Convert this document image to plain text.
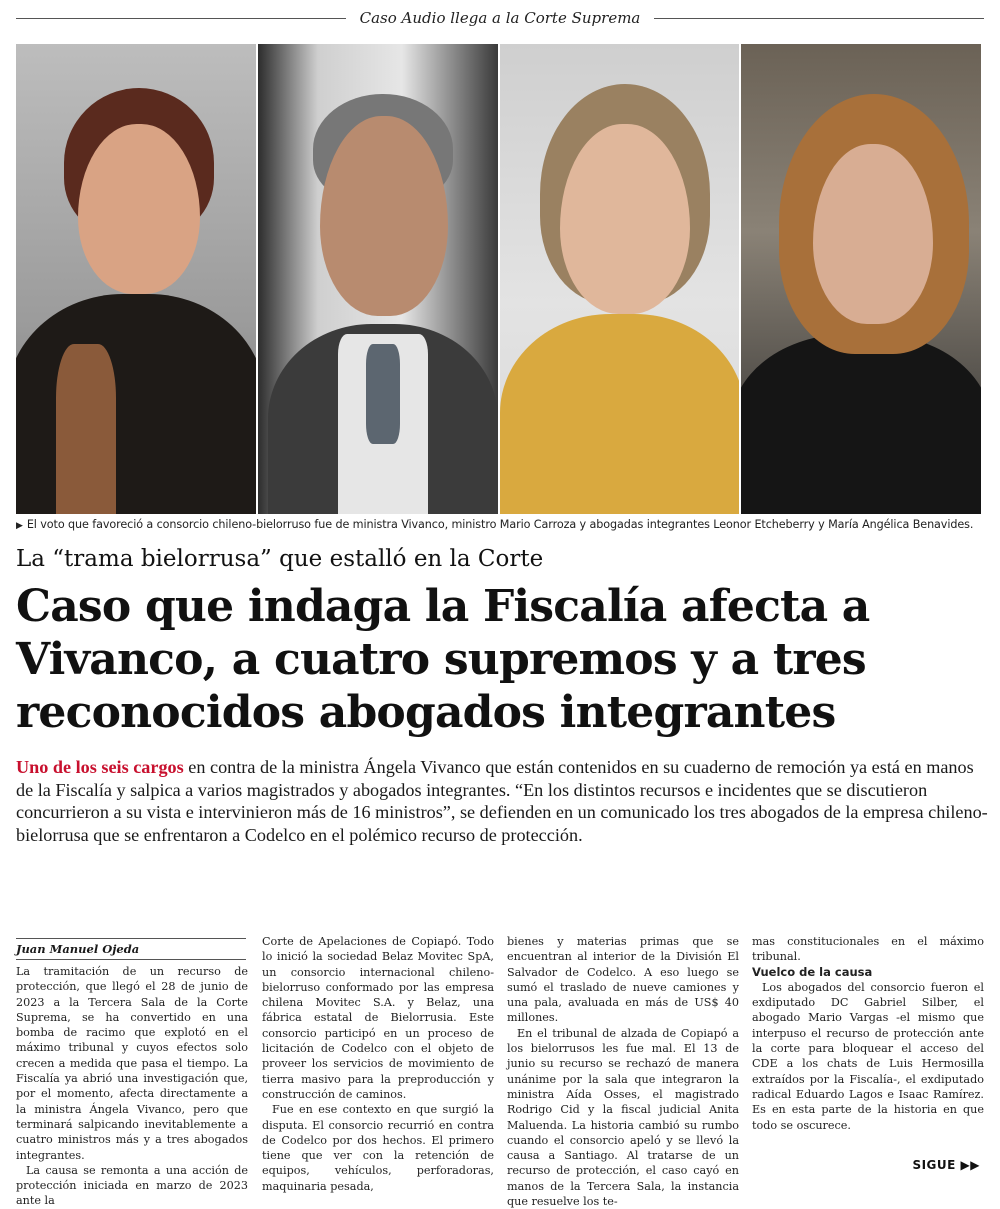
Caso Audio llega a la Corte Suprema
▶ El voto que favoreció a consorcio chileno-bielorruso fue de ministra Vivanco, ministro Mario Carroza y abogadas integrantes Leonor Etcheberry y María Angélica Benavides.
La “trama bielorrusa” que estalló en la Corte
Caso que indaga la Fiscalía afecta a
Vivanco, a cuatro supremos y a tres
reconocidos abogados integrantes
Uno de los seis cargos en contra de la ministra Ángela Vivanco que están contenidos en su cuaderno de remoción ya está en manos de la Fiscalía y salpica a varios magistrados y abogados integrantes. “En los distintos recursos e incidentes que se discutieron concurrieron a su vista e intervinieron más de 16 ministros”, se defienden en un comunicado los tres abogados de la empresa chileno-bielorrusa que se enfrentaron a Codelco en el polémico recurso de protección.
Juan Manuel Ojeda

La tramitación de un recurso de protección, que llegó el 28 de junio de 2023 a la Tercera Sala de la Corte Suprema, se ha convertido en una bomba de racimo que explotó en el máximo tribunal y cuyos efectos solo crecen a medida que pasa el tiempo. La Fiscalía ya abrió una investigación que, por el momento, afecta directamente a la ministra Ángela Vivanco, pero que terminará salpicando inevitablemente a cuatro ministros más y a tres abogados integrantes.

La causa se remonta a una acción de protección iniciada en marzo de 2023 ante la

Corte de Apelaciones de Copiapó. Todo lo inició la sociedad Belaz Movitec SpA, un consorcio internacional chileno-bielorruso conformado por las empresa chilena Movitec S.A. y Belaz, una fábrica estatal de Bielorrusia. Este consorcio participó en un proceso de licitación de Codelco con el objeto de proveer los servicios de movimiento de tierra masivo para la preproducción y construcción de caminos.

Fue en ese contexto en que surgió la disputa. El consorcio recurrió en contra de Codelco por dos hechos. El primero tiene que ver con la retención de equipos, vehículos, perforadoras, maquinaria pesada,

bienes y materias primas que se encuentran al interior de la División El Salvador de Codelco. A eso luego se sumó el traslado de nueve camiones y una pala, avaluada en más de US$ 40 millones.

En el tribunal de alzada de Copiapó a los bielorrusos les fue mal. El 13 de junio su recurso se rechazó de manera unánime por la sala que integraron la ministra Aída Osses, el magistrado Rodrigo Cid y la fiscal judicial Anita Maluenda. La historia cambió su rumbo cuando el consorcio apeló y se llevó la causa a Santiago. Al tratarse de un recurso de protección, el caso cayó en manos de la Tercera Sala, la instancia que resuelve los te-

mas constitucionales en el máximo tribunal.

Vuelco de la causa

Los abogados del consorcio fueron el exdiputado DC Gabriel Silber, el abogado Mario Vargas -el mismo que interpuso el recurso de protección ante la corte para bloquear el acceso del CDE a los chats de Luis Hermosilla extraídos por la Fiscalía-, el exdiputado radical Eduardo Lagos e Isaac Ramírez. Es en esta parte de la historia en que todo se oscurece.

SIGUE ▶▶
